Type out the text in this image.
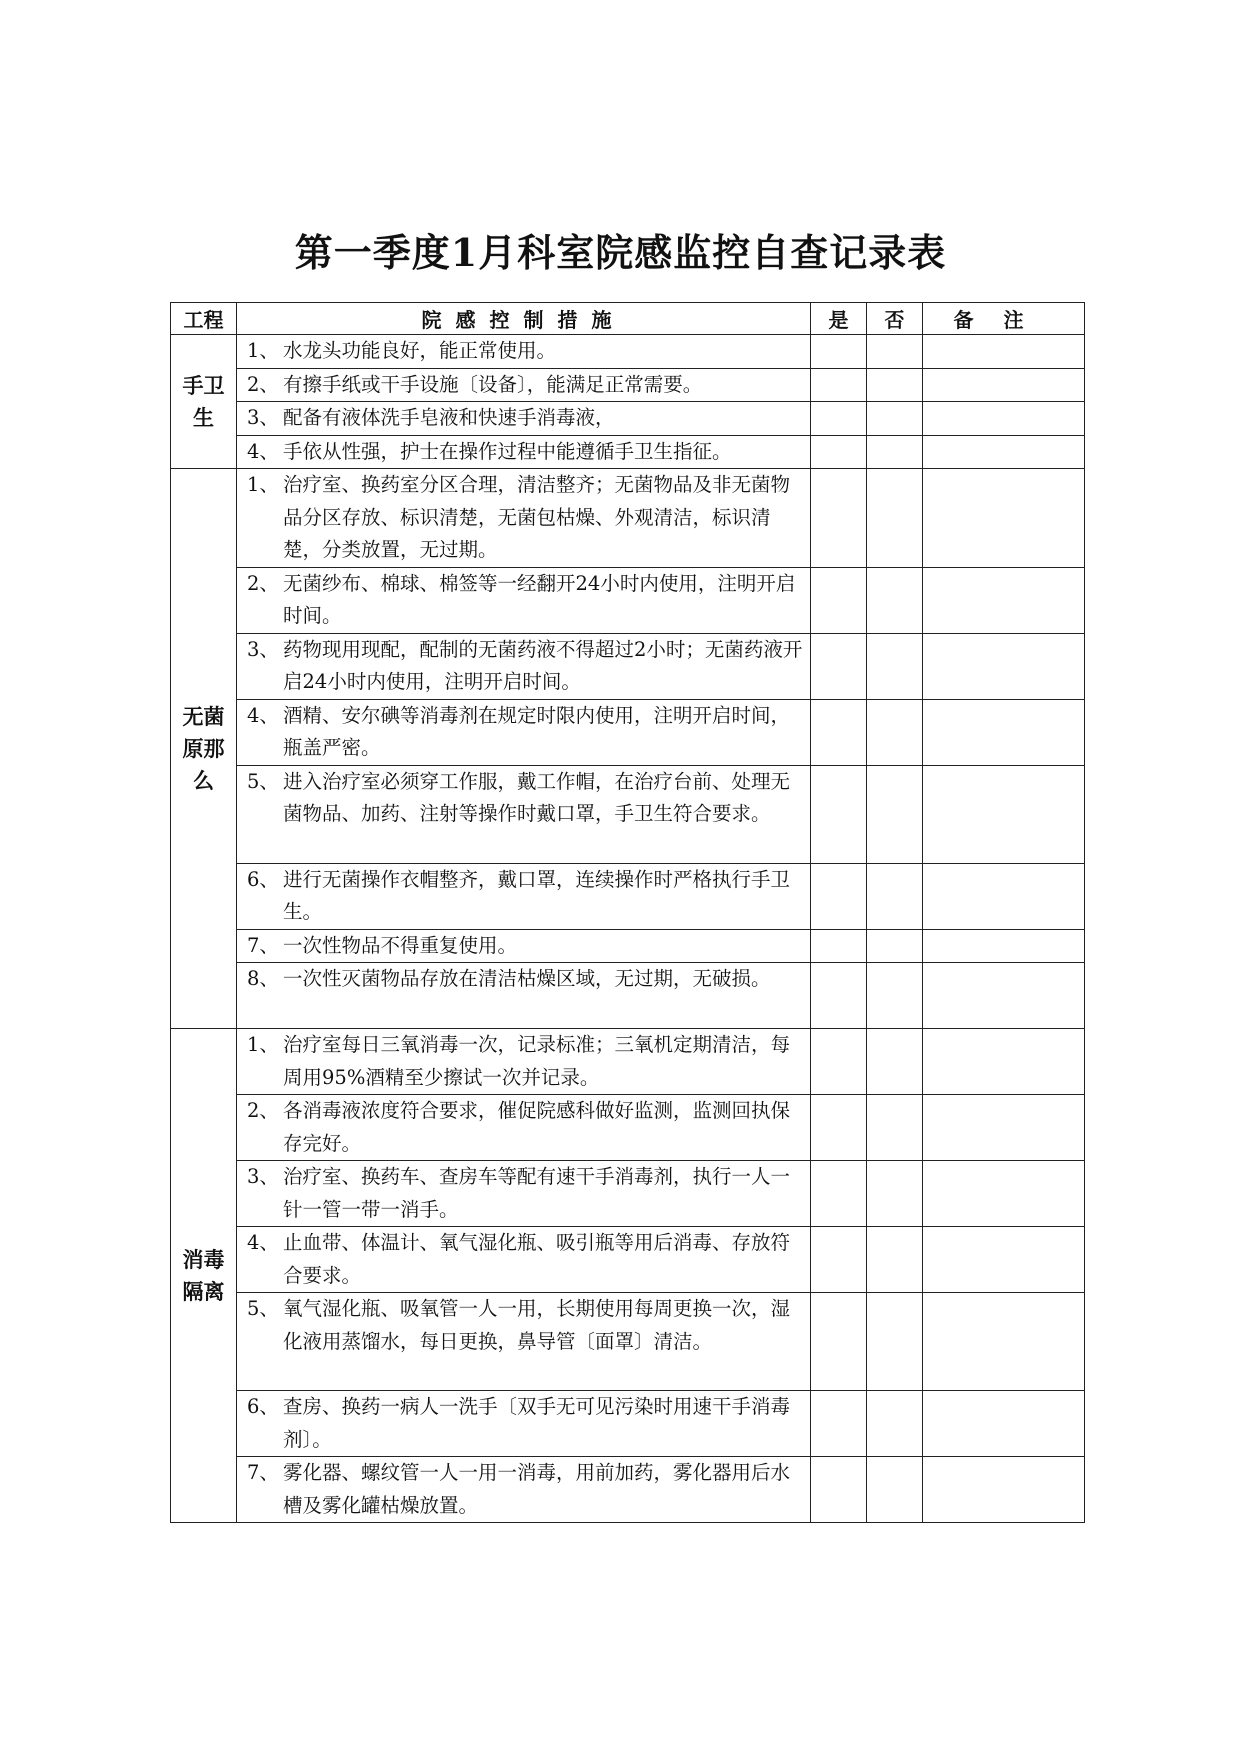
第一季度1月科室院感监控自查记录表
工程	院感控制措施	是	否	备注

手卫生	1、 水龙头功能良好，能正常使用。			

	2、 有擦手纸或干手设施〔设备〕，能满足正常需要。			

	3、 配备有液体洗手皂液和快速手消毒液，			

	4、 手依从性强，护士在操作过程中能遵循手卫生指征。			

无菌原那么	1、 治疗室、换药室分区合理，清洁整齐；无菌物品及非无菌物品分区存放、标识清楚，无菌包枯燥、外观清洁，标识清楚，分类放置，无过期。			

	2、 无菌纱布、棉球、棉签等一经翻开24小时内使用，注明开启时间。			

	3、 药物现用现配，配制的无菌药液不得超过2小时；无菌药液开启24小时内使用，注明开启时间。			

	4、 酒精、安尔碘等消毒剂在规定时限内使用，注明开启时间，瓶盖严密。			

	5、 进入治疗室必须穿工作服，戴工作帽，在治疗台前、处理无菌物品、加药、注射等操作时戴口罩，手卫生符合要求。			

	6、 进行无菌操作衣帽整齐，戴口罩，连续操作时严格执行手卫生。			

	7、 一次性物品不得重复使用。			

	8、 一次性灭菌物品存放在清洁枯燥区域，无过期，无破损。			

消毒隔离	1、 治疗室每日三氧消毒一次，记录标准；三氧机定期清洁，每周用95%酒精至少擦试一次并记录。			

	2、 各消毒液浓度符合要求，催促院感科做好监测，监测回执保存完好。			

	3、 治疗室、换药车、查房车等配有速干手消毒剂，执行一人一针一管一带一消手。			

	4、 止血带、体温计、氧气湿化瓶、吸引瓶等用后消毒、存放符合要求。			

	5、 氧气湿化瓶、吸氧管一人一用，长期使用每周更换一次，湿化液用蒸馏水，每日更换，鼻导管〔面罩〕清洁。			

	6、 查房、换药一病人一洗手〔双手无可见污染时用速干手消毒剂〕。			

	7、 雾化器、螺纹管一人一用一消毒，用前加药，雾化器用后水槽及雾化罐枯燥放置。			
